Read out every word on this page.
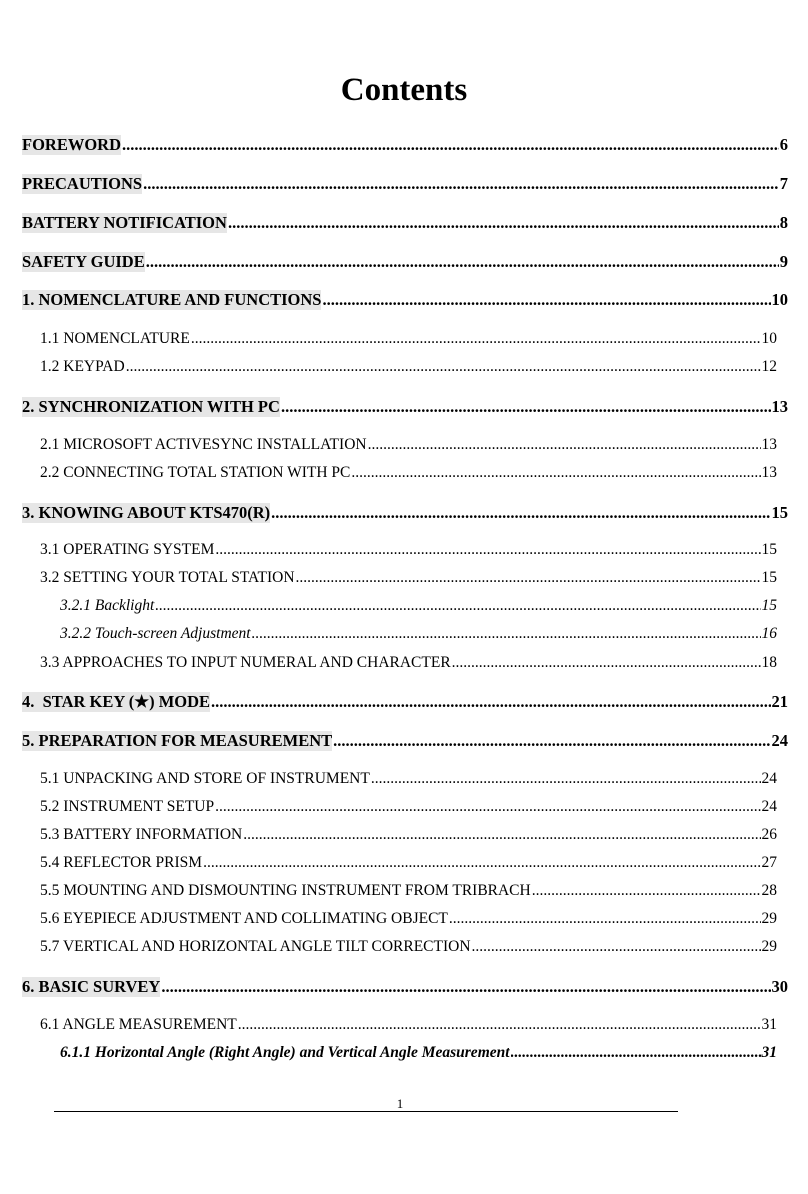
Contents
FOREWORD .....	6
PRECAUTIONS .....	7
BATTERY NOTIFICATION .....	8
SAFETY GUIDE .....	9
1. NOMENCLATURE AND FUNCTIONS .....	10
1.1 NOMENCLATURE .....	10
1.2 KEYPAD .....	12
2. SYNCHRONIZATION WITH PC .....	13
2.1 MICROSOFT ACTIVESYNC INSTALLATION .....	13
2.2 CONNECTING TOTAL STATION WITH PC .....	13
3. KNOWING ABOUT KTS470(R) .....	15
3.1 OPERATING SYSTEM .....	15
3.2 SETTING YOUR TOTAL STATION .....	15
3.2.1 Backlight .....	15
3.2.2 Touch-screen Adjustment .....	16
3.3 APPROACHES TO INPUT NUMERAL AND CHARACTER .....	18
4.  STAR KEY (★) MODE .....	21
5. PREPARATION FOR MEASUREMENT .....	24
5.1 UNPACKING AND STORE OF INSTRUMENT .....	24
5.2 INSTRUMENT SETUP .....	24
5.3 BATTERY INFORMATION .....	26
5.4 REFLECTOR PRISM .....	27
5.5 MOUNTING AND DISMOUNTING INSTRUMENT FROM TRIBRACH .....	28
5.6 EYEPIECE ADJUSTMENT AND COLLIMATING OBJECT .....	29
5.7 VERTICAL AND HORIZONTAL ANGLE TILT CORRECTION .....	29
6. BASIC SURVEY .....	30
6.1 ANGLE MEASUREMENT .....	31
6.1.1 Horizontal Angle (Right Angle) and Vertical Angle Measurement .....	31
1
